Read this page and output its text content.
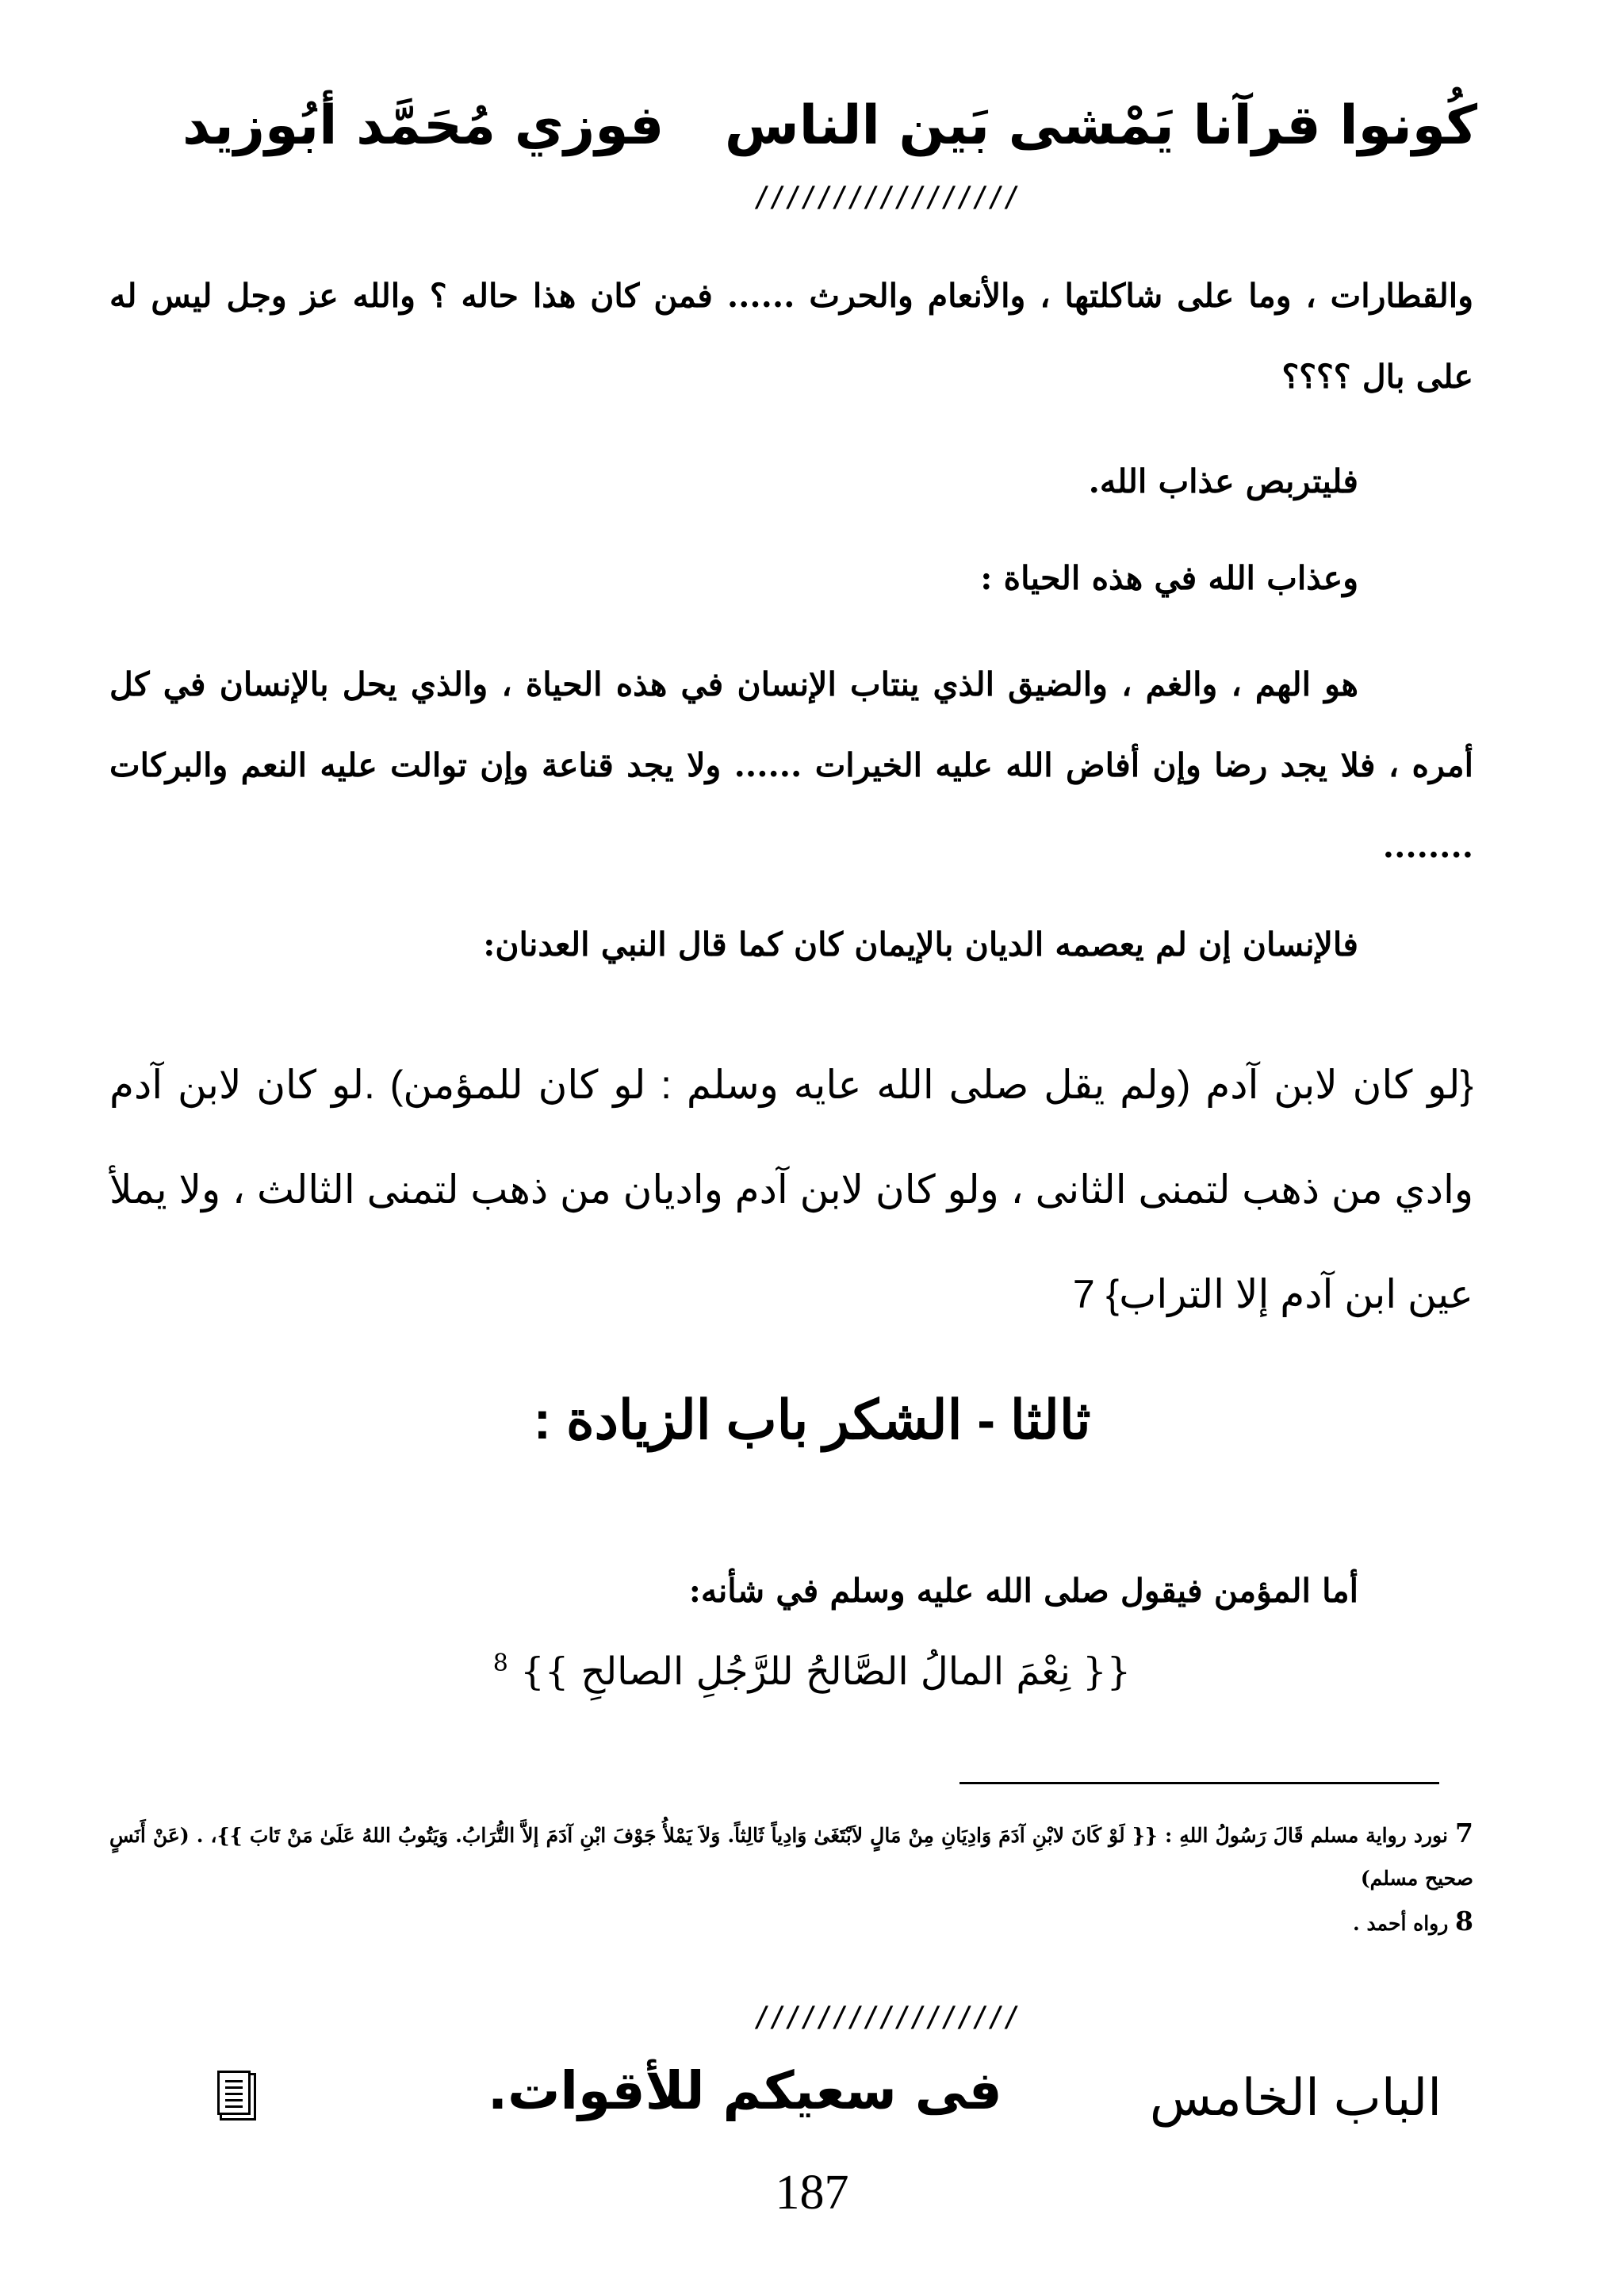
كُونوا قرآنا يَمْشى بَين الناس
فوزي مُحَمَّد أبُوزيد
/////////////////

والقطارات ، وما على شاكلتها ، والأنعام والحرث ...... فمن كان هذا حاله ؟ والله عز وجل ليس له على بال ؟؟؟؟

فليتربص عذاب الله.

وعذاب الله في هذه الحياة :

هو الهم ، والغم ، والضيق الذي ينتاب الإنسان في هذه الحياة ، والذي يحل بالإنسان في كل أمره ، فلا يجد رضا وإن أفاض الله عليه الخيرات ...... ولا يجد قناعة وإن توالت عليه النعم والبركات ........

فالإنسان إن لم يعصمه الديان بالإيمان كان كما قال النبي العدنان:

{لو كان لابن آدم (ولم يقل صلى الله عايه وسلم : لو كان للمؤمن) .لو كان لابن آدم وادي من ذهب لتمنى الثانى ، ولو كان لابن آدم واديان من ذهب لتمنى الثالث ، ولا يملأ عين ابن آدم إلا التراب} 7

ثالثا - الشكر باب الزيادة :

أما المؤمن فيقول صلى الله عليه وسلم في شأنه:

{{ نِعْمَ المالُ الصَّالحُ للرَّجُلِ الصالحِ }} $^8$

7 نورد رواية مسلم قَالَ رَسُولُ اللهِ : {{ لَوْ كَانَ لابْنِ آدَمَ وَادِيَانِ مِنْ مَالٍ لاَبْتَغَىٰ وَادِياً ثَالِثاً. وَلاَ يَمْلأُ جَوْفَ ابْنِ آدَمَ إلاَّ التُّرَابُ. وَيَتُوبُ اللهُ عَلَىٰ مَنْ تَابَ }}، . (عَنْ أَنَسٍ صحيح مسلم)

8 رواه أحمد .

/////////////////
الباب الخامس
فى سعيكم للأقوات.
187
